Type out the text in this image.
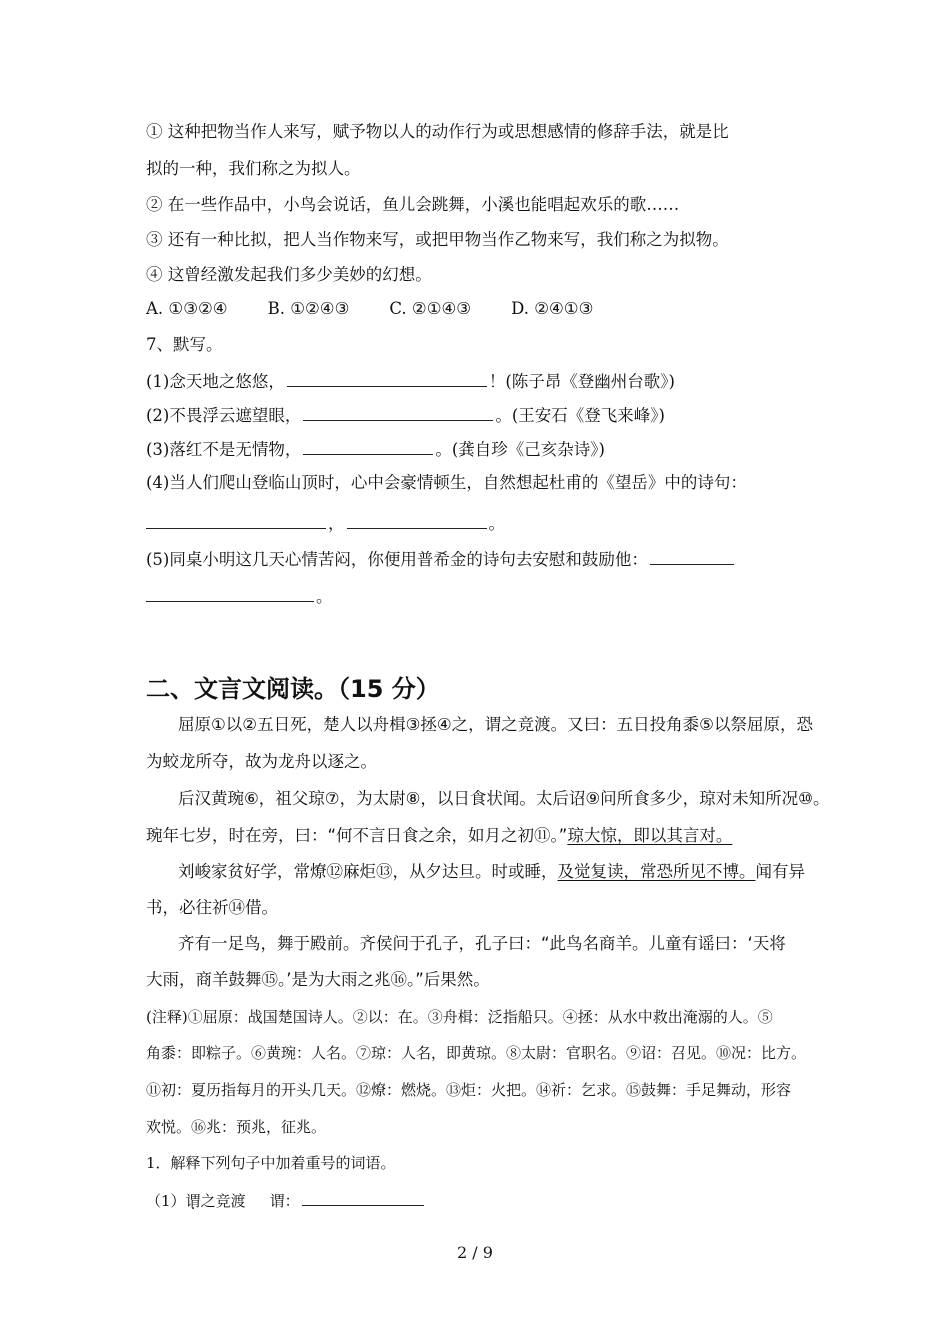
① 这种把物当作人来写，赋予物以人的动作行为或思想感情的修辞手法，就是比
拟的一种，我们称之为拟人。
② 在一些作品中，小鸟会说话，鱼儿会跳舞，小溪也能唱起欢乐的歌……
③ 还有一种比拟，把人当作物来写，或把甲物当作乙物来写，我们称之为拟物。
④ 这曾经激发起我们多少美妙的幻想。
A. ①③②④ B. ①②④③ C. ②①④③ D. ②④①③
7、默写。
(1)念天地之悠悠，	！(陈子昂《登幽州台歌》)
(2)不畏浮云遮望眼，	。(王安石《登飞来峰》)
(3)落红不是无情物，	。(龚自珍《己亥杂诗》)
(4)当人们爬山登临山顶时，心中会豪情顿生，自然想起杜甫的《望岳》中的诗句：
，	。
(5)同桌小明这几天心情苦闷，你便用普希金的诗句去安慰和鼓励他：
。
二、文言文阅读。（15 分）
屈原①以②五日死，楚人以舟楫③拯④之，谓之竞渡。又曰：五日投角黍⑤以祭屈原，恐
为蛟龙所夺，故为龙舟以逐之。
后汉黄琬⑥，祖父琼⑦，为太尉⑧，以日食状闻。太后诏⑨问所食多少，琼对未知所况⑩。
琬年七岁，时在旁，曰：“何不言日食之余，如月之初⑪。”琼大惊，即以其言对。
刘峻家贫好学，常燎⑫麻炬⑬，从夕达旦。时或睡，及觉复读，常恐所见不博。闻有异
书，必往祈⑭借。
齐有一足鸟，舞于殿前。齐侯问于孔子，孔子曰：“此鸟名商羊。儿童有谣曰：‘天将
大雨，商羊鼓舞⑮。’是为大雨之兆⑯。”后果然。
(注释)①屈原：战国楚国诗人。②以：在。③舟楫：泛指船只。④拯：从水中救出淹溺的人。⑤
角黍：即粽子。⑥黄琬：人名。⑦琼：人名，即黄琼。⑧太尉：官职名。⑨诏：召见。⑩况：比方。
⑪初：夏历指每月的开头几天。⑫燎：燃烧。⑬炬：火把。⑭祈：乞求。⑮鼓舞：手足舞动，形容
欢悦。⑯兆：预兆，征兆。
1．解释下列句子中加着重号的词语。
（1）谓之竞渡 谓：
2 / 9
